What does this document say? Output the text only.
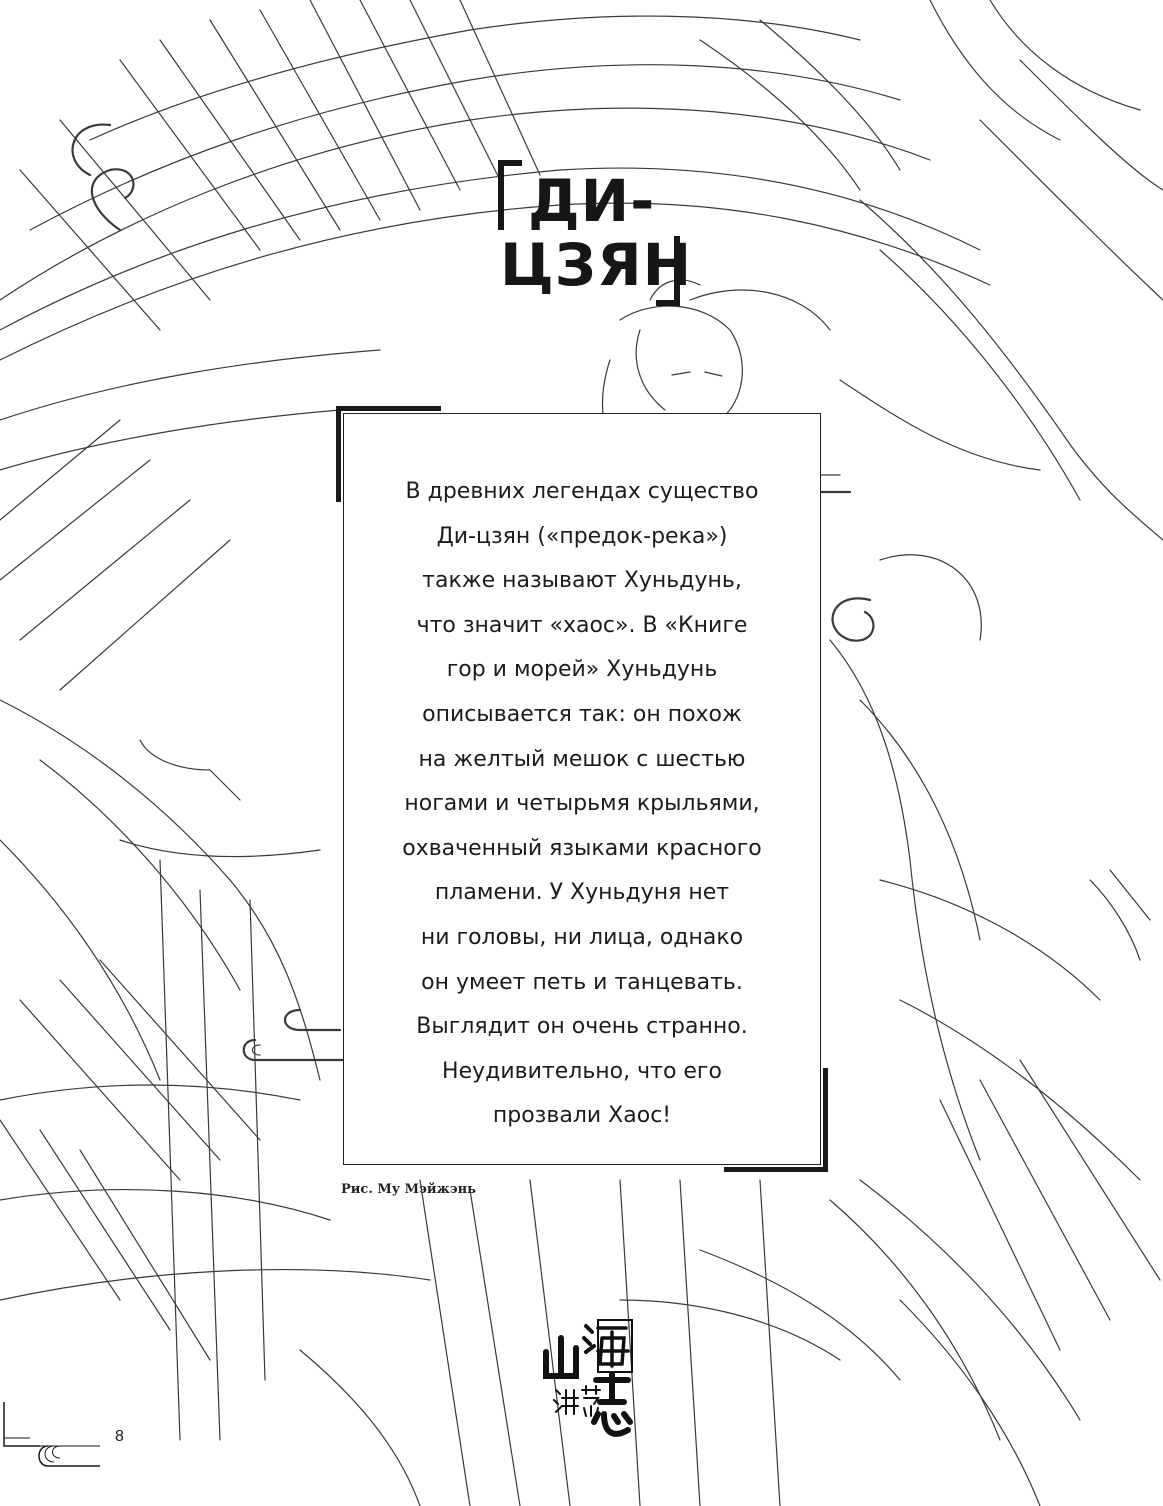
ДИ-
ЦЗЯН
В древних легендах существо
Ди-цзян («предок-река»)
также называют Хуньдунь,
что значит «хаос». В «Книге
гор и морей» Хуньдунь
описывается так: он похож
на желтый мешок с шестью
ногами и четырьмя крыльями,
охваченный языками красного
пламени. У Хуньдуня нет
ни головы, ни лица, однако
он умеет петь и танцевать.
Выглядит он очень странно.
Неудивительно, что его
прозвали Хаос!
Рис. Му Мэйжэнь
8
